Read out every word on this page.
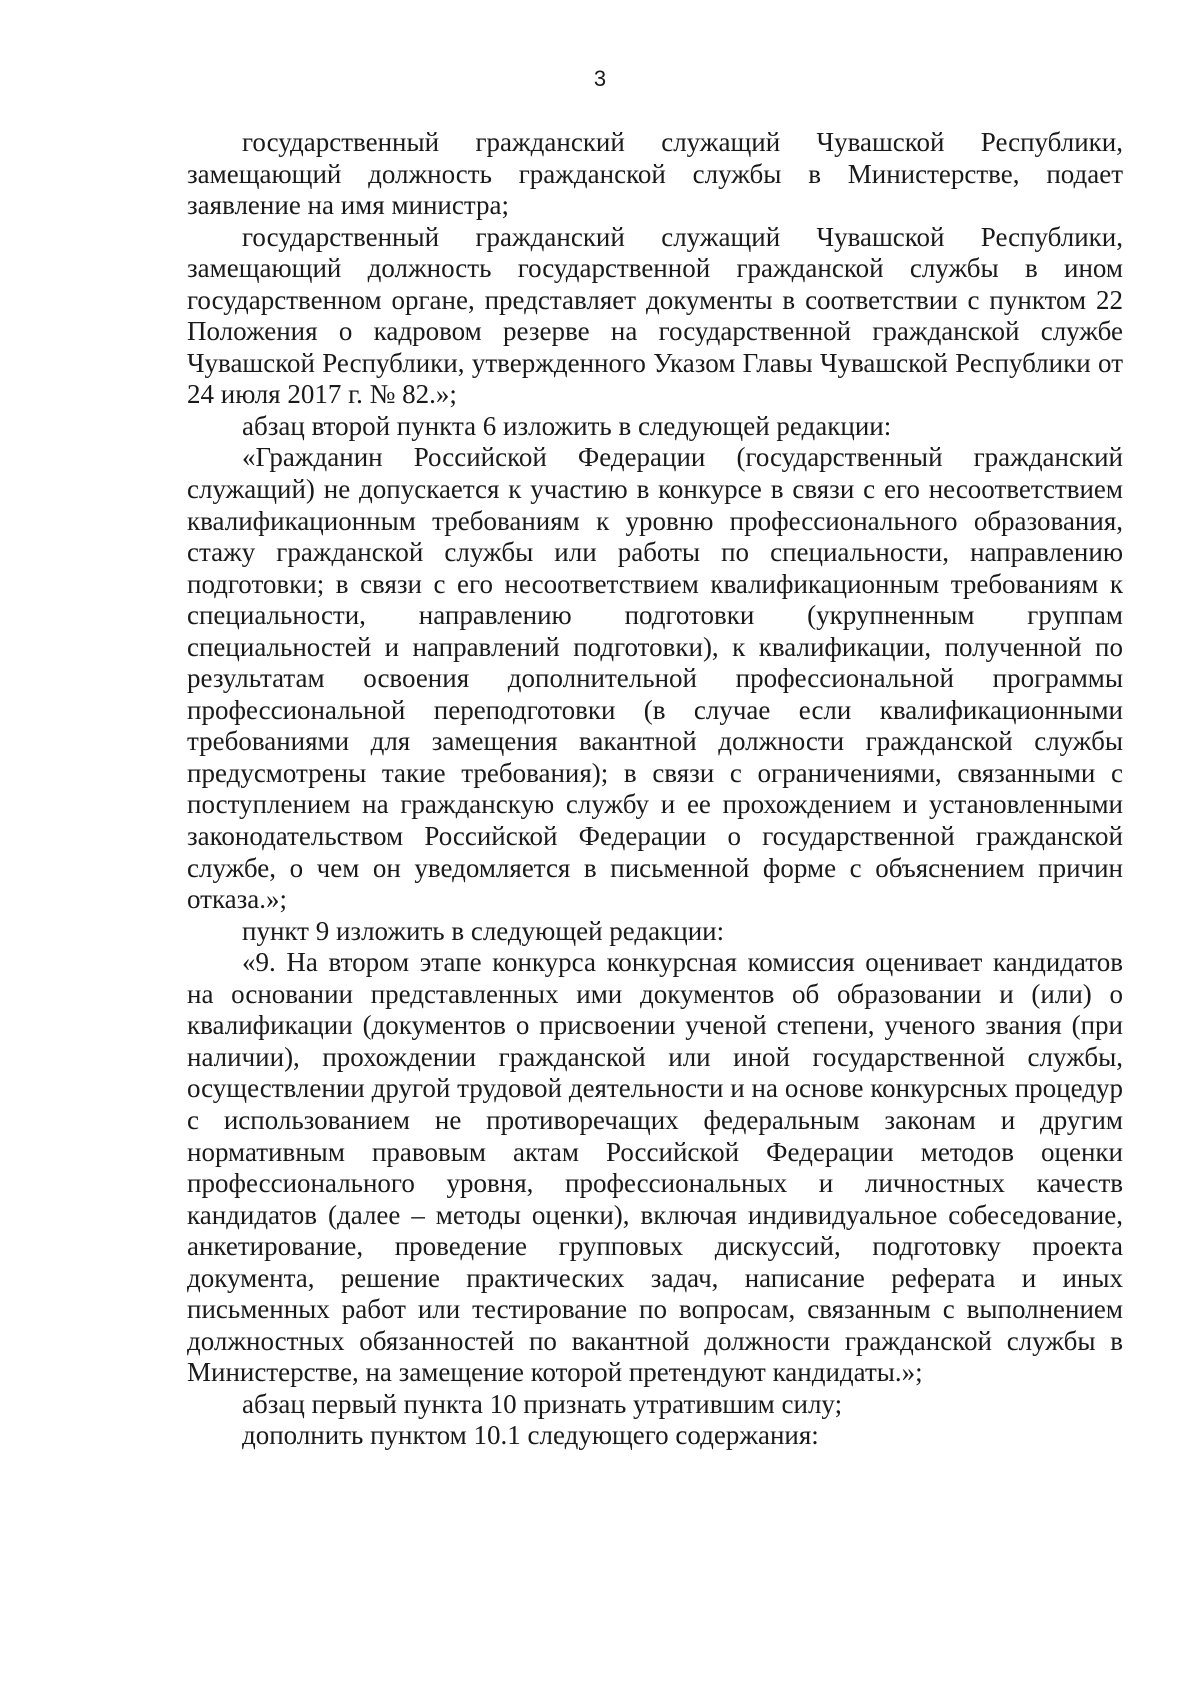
3

государственный гражданский служащий Чувашской Республики, замещающий должность гражданской службы в Министерстве, подает заявление на имя министра;

государственный гражданский служащий Чувашской Республики, замещающий должность государственной гражданской службы в ином государственном органе, представляет документы в соответствии с пунктом 22 Положения о кадровом резерве на государственной гражданской службе Чувашской Республики, утвержденного Указом Главы Чувашской Республики от 24 июля 2017 г. № 82.»;

абзац второй пункта 6 изложить в следующей редакции:

«Гражданин Российской Федерации (государственный гражданский служащий) не допускается к участию в конкурсе в связи с его несоответствием квалификационным требованиям к уровню профессионального образования, стажу гражданской службы или работы по специальности, направлению подготовки; в связи с его несоответствием квалификационным требованиям к специальности, направлению подготовки (укрупненным группам специальностей и направлений подготовки), к квалификации, полученной по результатам освоения дополнительной профессиональной программы профессиональной переподготовки (в случае если квалификационными требованиями для замещения вакантной должности гражданской службы предусмотрены такие требования); в связи с ограничениями, связанными с поступлением на гражданскую службу и ее прохождением и установленными законодательством Российской Федерации о государственной гражданской службе, о чем он уведомляется в письменной форме с объяснением причин отказа.»;

пункт 9 изложить в следующей редакции:

«9. На втором этапе конкурса конкурсная комиссия оценивает кандидатов на основании представленных ими документов об образовании и (или) о квалификации (документов о присвоении ученой степени, ученого звания (при наличии), прохождении гражданской или иной государственной службы, осуществлении другой трудовой деятельности и на основе конкурсных процедур с использованием не противоречащих федеральным законам и другим нормативным правовым актам Российской Федерации методов оценки профессионального уровня, профессиональных и личностных качеств кандидатов (далее – методы оценки), включая индивидуальное собеседование, анкетирование, проведение групповых дискуссий, подготовку проекта документа, решение практических задач, написание реферата и иных письменных работ или тестирование по вопросам, связанным с выполнением должностных обязанностей по вакантной должности гражданской службы в Министерстве, на замещение которой претендуют кандидаты.»;

абзац первый пункта 10 признать утратившим силу;

дополнить пунктом 10.1 следующего содержания:
